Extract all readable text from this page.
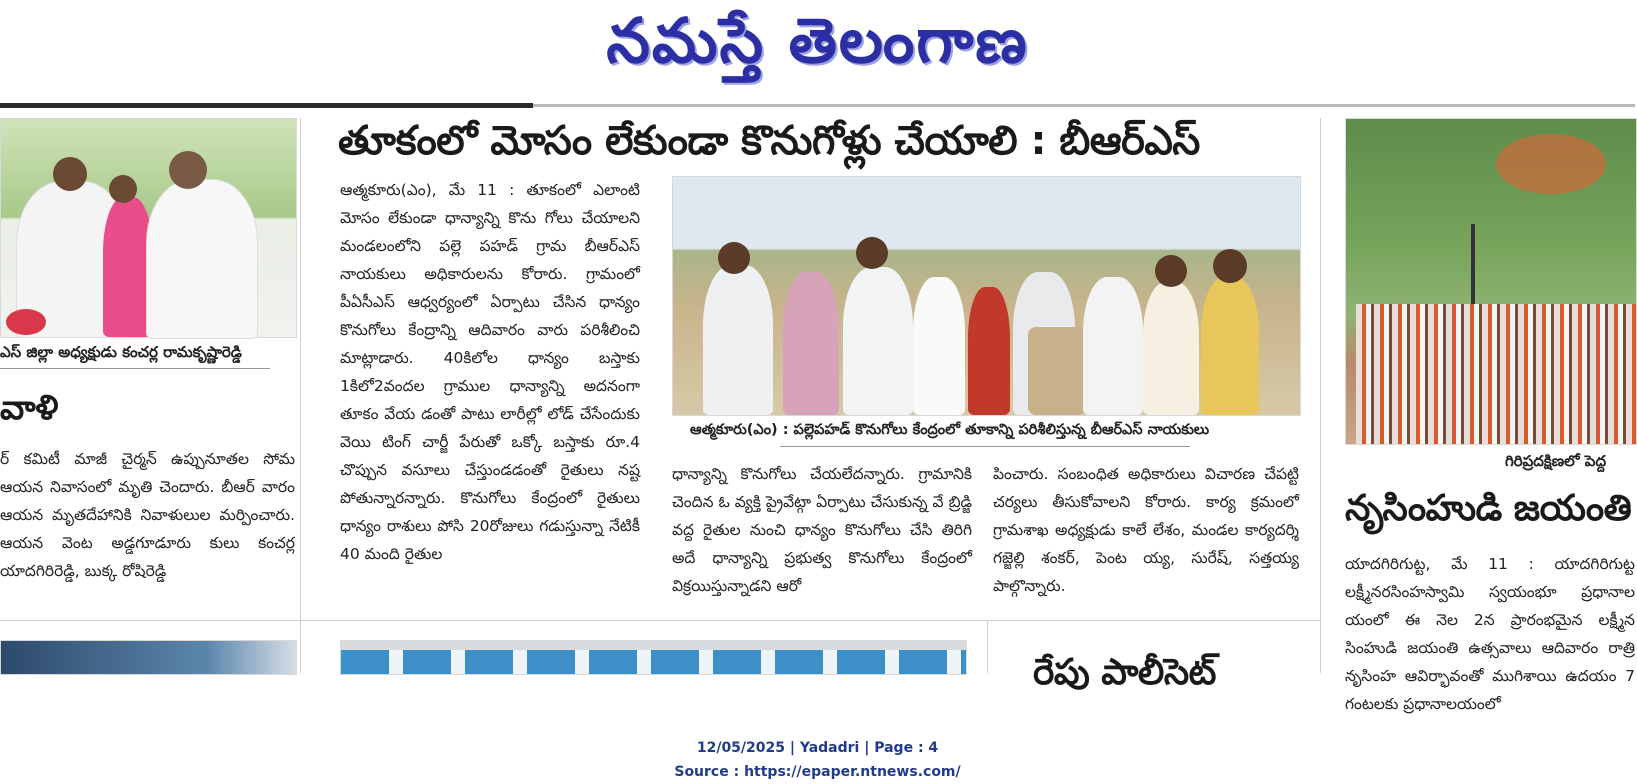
నమస్తే తెలంగాణ
ఎస్ జిల్లా అధ్యక్షుడు కంచర్ల రామకృష్ణారెడ్డి
వాళి
ర్ కమిటీ మాజీ చైర్మన్ ఉప్పునూతల సోమ ఆయన నివాసంలో మృతి చెందారు. బీఆర్ వారం ఆయన మృతదేహానికి నివాళులుల మర్పించారు. ఆయన వెంట అడ్డగూడూరు కులు కంచర్ల యాదగిరిరెడ్డి, బుక్క రోషిరెడ్డి
తూకంలో మోసం లేకుండా కొనుగోళ్లు చేయాలి : బీఆర్ఎస్
ఆత్మకూరు(ఎం), మే 11 : తూకంలో ఎలాంటి మోసం లేకుండా ధాన్యాన్ని కొను గోలు చేయాలని మండలంలోని పల్లె పహడ్ గ్రామ బీఆర్ఎస్ నాయకులు అధికారులను కోరారు. గ్రామంలో పీఏసీఎస్ ఆధ్వర్యంలో ఏర్పాటు చేసిన ధాన్యం కొనుగోలు కేంద్రాన్ని ఆదివారం వారు పరిశీలించి మాట్లాడారు. 40కిలోల ధాన్యం బస్తాకు 1కిలో2వందల గ్రాముల ధాన్యాన్ని అదనంగా తూకం వేయ డంతో పాటు లారీల్లో లోడ్ చేసేందుకు వెయి టింగ్ చార్జీ పేరుతో ఒక్కో బస్తాకు రూ.4 చొప్పున వసూలు చేస్తుండడంతో రైతులు నష్ట పోతున్నారన్నారు. కొనుగోలు కేంద్రంలో రైతులు ధాన్యం రాశులు పోసి 20రోజులు గడుస్తున్నా నేటికీ 40 మంది రైతుల
ఆత్మకూరు(ఎం) : పల్లెపహడ్ కొనుగోలు కేంద్రంలో తూకాన్ని పరిశీలిస్తున్న బీఆర్ఎస్ నాయకులు
ధాన్యాన్ని కొనుగోలు చేయలేదన్నారు. గ్రామానికి చెందిన ఓ వ్యక్తి ప్రైవేట్గా ఏర్పాటు చేసుకున్న వే బ్రిడ్జి వద్ద రైతుల నుంచి ధాన్యం కొనుగోలు చేసి తిరిగి అదే ధాన్యాన్ని ప్రభుత్వ కొనుగోలు కేంద్రంలో విక్రయిస్తున్నాడని ఆరో
పించారు. సంబంధిత అధికారులు విచారణ చేపట్టి చర్యలు తీసుకోవాలని కోరారు. కార్య క్రమంలో గ్రామశాఖ అధ్యక్షుడు కాలే లేశం, మండల కార్యదర్శి గజ్జెల్లి శంకర్, పెంట య్య, సురేష్, సత్తయ్య పాల్గొన్నారు.
రేపు పాలీసెట్
గిరిప్రదక్షిణలో పెద్ద
నృసింహుడి జయంతి
యాదగిరిగుట్ట, మే 11 : యాదగిరిగుట్ట లక్ష్మీనరసింహస్వామి స్వయంభూ ప్రధానాల యంలో ఈ నెల 2న ప్రారంభమైన లక్ష్మీన సింహుడి జయంతి ఉత్సవాలు ఆదివారం రాత్రి నృసింహ ఆవిర్భావంతో ముగిశాయి ఉదయం 7 గంటలకు ప్రధానాలయంలో
12/05/2025 | Yadadri | Page : 4
Source : https://epaper.ntnews.com/
